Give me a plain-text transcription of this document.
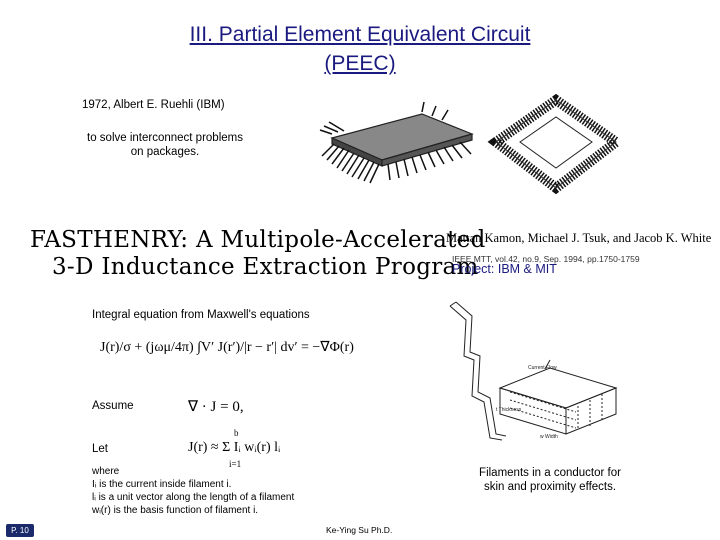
III. Partial Element Equivalent Circuit
(PEEC)
1972, Albert E. Ruehli (IBM)
to solve interconnect problems
on packages.
FASTHENRY: A Multipole-Accelerated
3-D Inductance Extraction Program
Mattan Kamon, Michael J. Tsuk, and Jacob K. White
IEEE MTT, vol.42, no.9, Sep. 1994, pp.1750-1759
Project: IBM & MIT
Integral equation from Maxwell's equations
J(r)/σ + (jωμ/4π) ∫V′ J(r′)/|r − r′| dv′ = −∇Φ(r)
Assume	∇ · J = 0,
Let	J(r) ≈ Σ Iᵢ wᵢ(r) lᵢ
b
i=1
where
Iᵢ is the current inside filament i.
lᵢ is a unit vector along the length of a filament
wᵢ(r) is the basis function of filament i.
Current Flow
t Thickness
w Width
Filaments in a conductor for
skin and proximity effects.
P. 10	Ke-Ying Su Ph.D.
